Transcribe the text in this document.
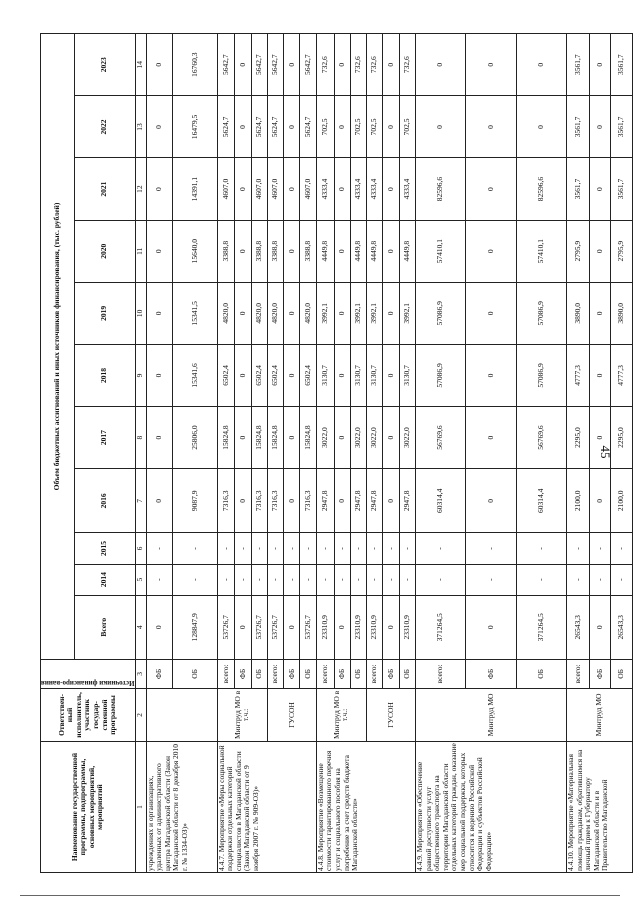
45
Наименование государственной программы, подпрограммы, основных мероприятий, мероприятий	Ответствен-ный исполнитель, участник государ-ственной программы	Источники финансиро-вания	Объем бюджетных ассигнований и иных источников финансирования, (тыс. рублей)										
			Всего	2014	2015	2016	2017	2018	2019	2020	2021	2022	2023
1	2	3	4	5	6	7	8	9	10	11	12	13	14
учреждениях и организациях, удаленных от административного центра Магаданской области (Закон Магаданской области от 8 декабря 2010 г. № 1334-ОЗ)»		ФБ	0	-	-	0	0	0	0	0	0	0	0
		ОБ	128847,9	-	-	9087,9	25806,0	15341,6	15341,5	15640,0	14391,1	16479,5	16760,3
4.4.7. Мероприятие «Меры социальной поддержки отдельных категорий специалистов в Магаданской области (Закон Магаданской области от 9 ноября 2007 г. № 909-ОЗ)»	Минтруд МО в т.ч.:	всего:	53726,7	-	-	7316,3	15824,8	6502,4	4820,0	3388,8	4607,0	5624,7	5642,7
		ФБ	0	-	-	0	0	0	0	0	0	0	0
		ОБ	53726,7	-	-	7316,3	15824,8	6502,4	4820,0	3388,8	4607,0	5624,7	5642,7
	ГУСОН	всего:	53726,7	-	-	7316,3	15824,8	6502,4	4820,0	3388,8	4607,0	5624,7	5642,7
		ФБ	0	-	-	0	0	0	0	0	0	0	0
		ОБ	53726,7	-	-	7316,3	15824,8	6502,4	4820,0	3388,8	4607,0	5624,7	5642,7
4.4.8. Мероприятие «Возмещение стоимости гарантированного перечня услуг и социального пособия на погребение за счет средств бюджета Магаданской области»	Минтруд МО в т.ч.:	всего:	23310,9	-	-	2947,8	3022,0	3130,7	3992,1	4449,8	4333,4	702,5	732,6
		ФБ	0	-	-	0	0	0	0	0	0	0	0
		ОБ	23310,9	-	-	2947,8	3022,0	3130,7	3992,1	4449,8	4333,4	702,5	732,6
	ГУСОН	всего:	23310,9	-	-	2947,8	3022,0	3130,7	3992,1	4449,8	4333,4	702,5	732,6
		ФБ	0	-	-	0	0	0	0	0	0	0	0
		ОБ	23310,9	-	-	2947,8	3022,0	3130,7	3992,1	4449,8	4333,4	702,5	732,6
4.4.9. Мероприятие «Обеспечение равной доступности услуг общественного транспорта на территории Магаданской области отдельных категорий граждан, оказание мер социальной поддержки, которых относится к ведению Российской Федерации и субъектов Российской Федерации»	Минтруд МО	всего:	371264,5	-	-	60314,4	56769,6	57086,9	57086,9	57410,1	82596,6	0	0
		ФБ	0	-	-	0	0	0	0	0	0	0	0
		ОБ	371264,5	-	-	60314,4	56769,6	57086,9	57086,9	57410,1	82596,6	0	0
4.4.10. Мероприятие «Материальная помощь гражданам, обратившимся на личный прием к Губернатору Магаданской области и в Правительство Магаданской	Минтруд МО	всего:	26543,3	-	-	2100,0	2295,0	4777,3	3890,0	2795,9	3561,7	3561,7	3561,7
		ФБ	0	-	-	0	0	0	0	0	0	0	0
		ОБ	26543,3	-	-	2100,0	2295,0	4777,3	3890,0	2795,9	3561,7	3561,7	3561,7
